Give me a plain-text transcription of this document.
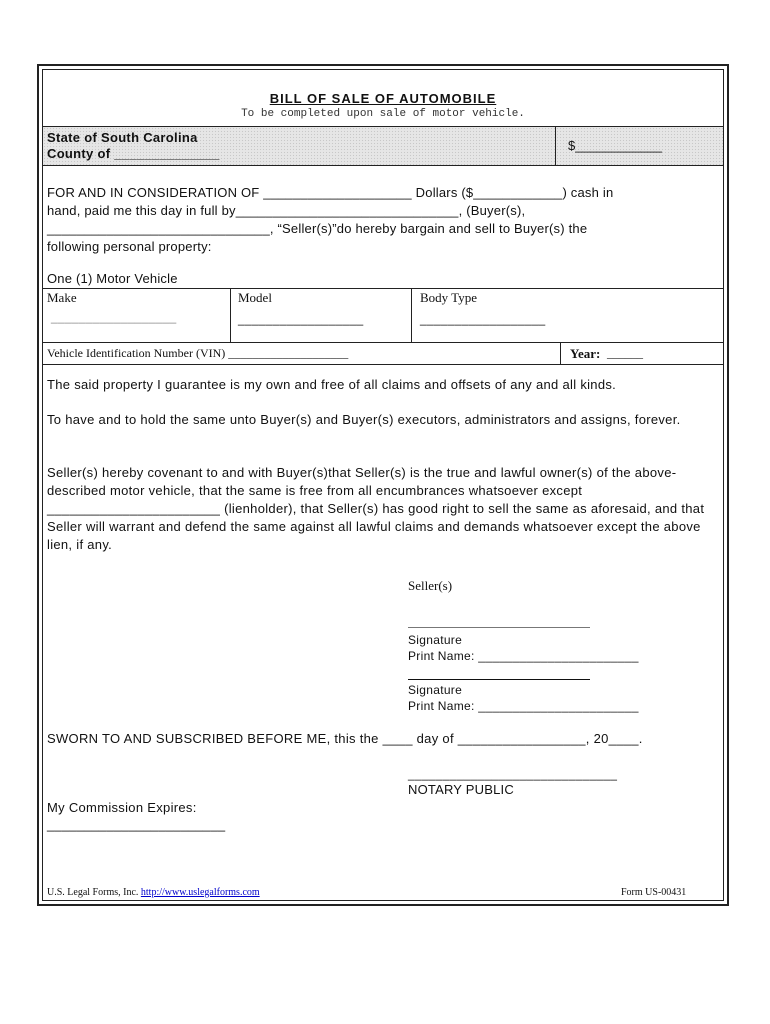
BILL OF SALE OF AUTOMOBILE
To be completed upon sale of motor vehicle.
State of South Carolina
County of ______________
$____________
FOR AND IN CONSIDERATION OF ____________________ Dollars ($____________) cash in
hand, paid me this day in full by______________________________, (Buyer(s),
______________________________, “Seller(s)”do hereby bargain and sell to Buyer(s) the
following personal property:
One (1) Motor Vehicle
Make
__________________
Model
__________________
Body Type
__________________
Vehicle Identification Number (VIN) ____________________	Year: ______
The said property I guarantee is my own and free of all claims and offsets of any and all kinds.
To have and to hold the same unto Buyer(s) and Buyer(s) executors, administrators and assigns, forever.
Seller(s) hereby covenant to and with Buyer(s)that Seller(s) is the true and lawful owner(s) of the above-described motor vehicle, that the same is free from all encumbrances whatsoever except _______________________ (lienholder), that Seller(s) has good right to sell the same as aforesaid, and that Seller will warrant and defend the same against all lawful claims and demands whatsoever except the above lien, if any.
Seller(s)
Signature
Print Name: _______________________
Signature
Print Name: _______________________
SWORN TO AND SUBSCRIBED BEFORE ME, this the ____ day of _________________, 20____.
______________________________
NOTARY PUBLIC
My Commission Expires:
________________________
U.S. Legal Forms, Inc. http://www.uslegalforms.com	Form US-00431
